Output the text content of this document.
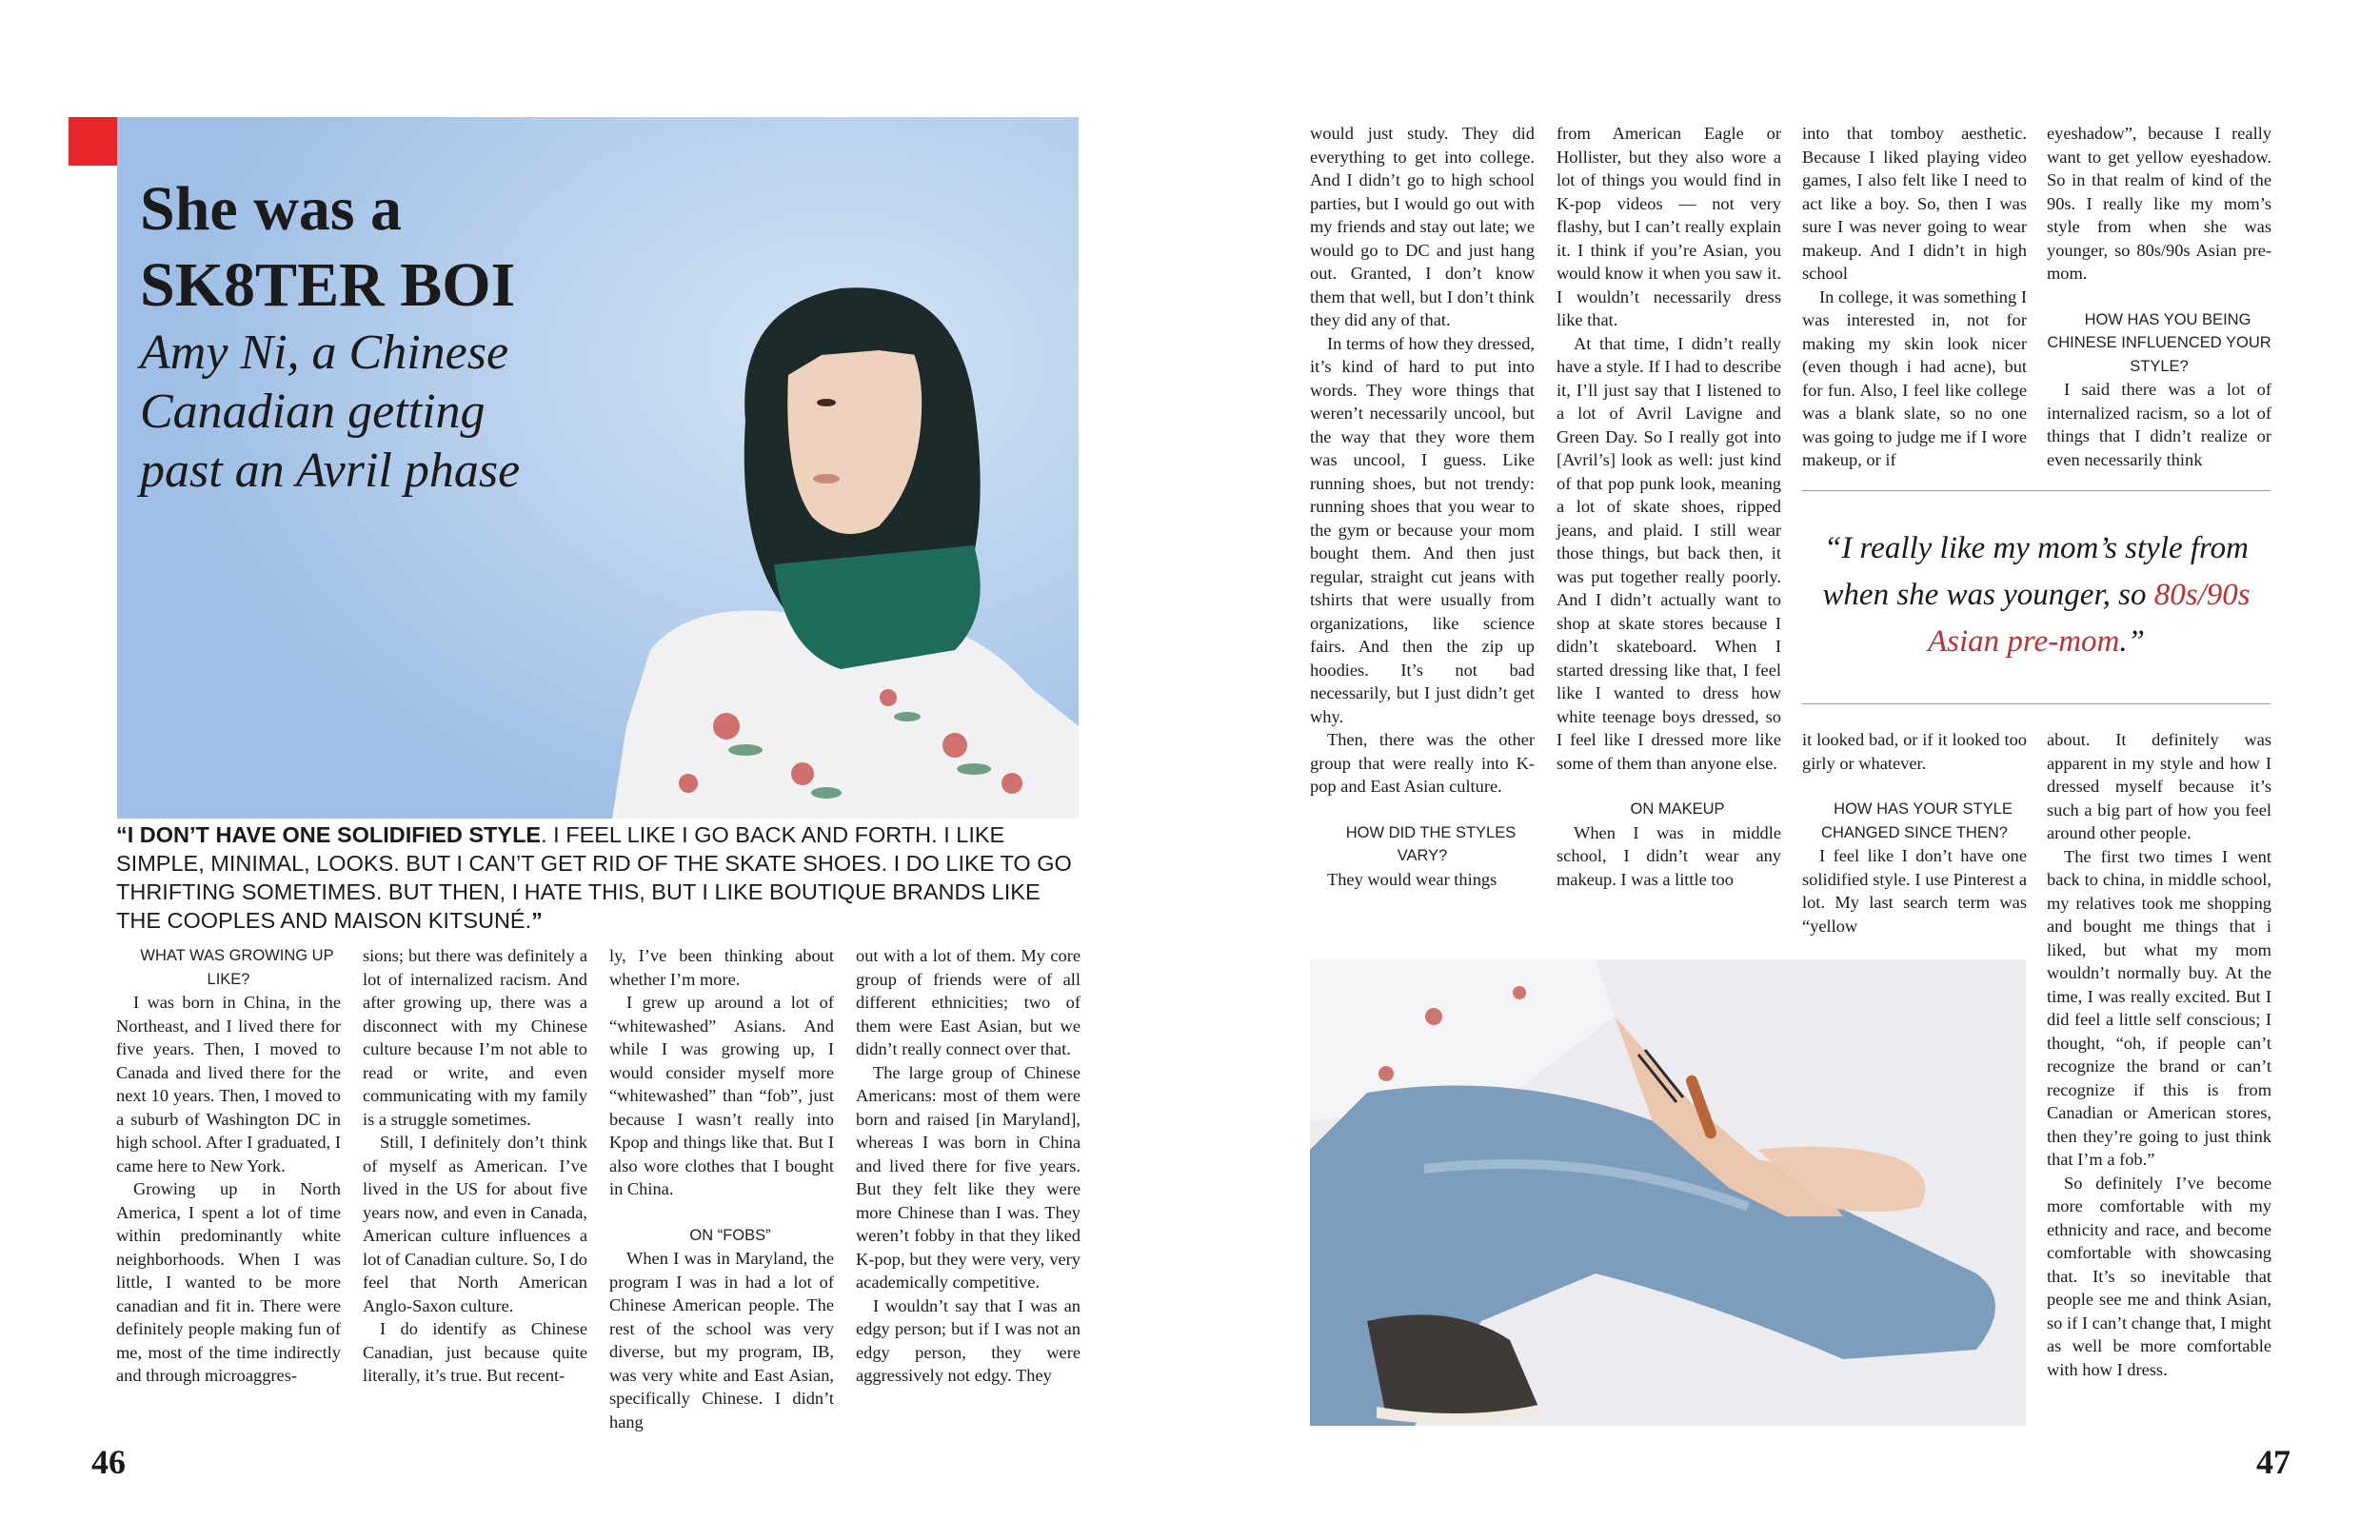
She was a
SK8TER BOI
Amy Ni, a Chinese
Canadian getting
past an Avril phase
“I DON’T HAVE ONE SOLIDIFIED STYLE. I FEEL LIKE I GO BACK AND FORTH. I LIKE SIMPLE, MINIMAL, LOOKS. BUT I CAN’T GET RID OF THE SKATE SHOES. I DO LIKE TO GO THRIFTING SOMETIMES. BUT THEN, I HATE THIS, BUT I LIKE BOUTIQUE BRANDS LIKE THE COOPLES AND MAISON KITSUNÉ.”

WHAT WAS GROWING UP LIKE?

I was born in China, in the Northeast, and I lived there for five years. Then, I moved to Canada and lived there for the next 10 years. Then, I moved to a suburb of Washington DC in high school. After I graduated, I came here to New York.

Growing up in North America, I spent a lot of time within predominantly white neighborhoods. When I was little, I wanted to be more canadian and fit in. There were definitely people making fun of me, most of the time indirectly and through microaggres-

sions; but there was definitely a lot of internalized racism. And after growing up, there was a disconnect with my Chinese culture because I’m not able to read or write, and even communicating with my family is a struggle sometimes.

Still, I definitely don’t think of myself as American. I’ve lived in the US for about five years now, and even in Canada, American culture influences a lot of Canadian culture. So, I do feel that North American Anglo-Saxon culture.

I do identify as Chinese Canadian, just because quite literally, it’s true. But recent-

ly, I’ve been thinking about whether I’m more.

I grew up around a lot of “whitewashed” Asians. And while I was growing up, I would consider myself more “whitewashed” than “fob”, just because I wasn’t really into Kpop and things like that. But I also wore clothes that I bought in China.

ON “FOBS”

When I was in Maryland, the program I was in had a lot of Chinese American people. The rest of the school was very diverse, but my program, IB, was very white and East Asian, specifically Chinese. I didn’t hang

out with a lot of them. My core group of friends were of all different ethnicities; two of them were East Asian, but we didn’t really connect over that.

The large group of Chinese Americans: most of them were born and raised [in Maryland], whereas I was born in China and lived there for five years. But they felt like they were more Chinese than I was. They weren’t fobby in that they liked K-pop, but they were very, very academically competitive.

I wouldn’t say that I was an edgy person; but if I was not an edgy person, they were aggressively not edgy. They

46

would just study. They did everything to get into college. And I didn’t go to high school parties, but I would go out with my friends and stay out late; we would go to DC and just hang out. Granted, I don’t know them that well, but I don’t think they did any of that.

In terms of how they dressed, it’s kind of hard to put into words. They wore things that weren’t necessarily uncool, but the way that they wore them was uncool, I guess. Like running shoes, but not trendy: running shoes that you wear to the gym or because your mom bought them. And then just regular, straight cut jeans with tshirts that were usually from organizations, like science fairs. And then the zip up hoodies. It’s not bad necessarily, but I just didn’t get why.

Then, there was the other group that were really into K-pop and East Asian culture.

HOW DID THE STYLES VARY?

They would wear things

from American Eagle or Hollister, but they also wore a lot of things you would find in K-pop videos — not very flashy, but I can’t really explain it. I think if you’re Asian, you would know it when you saw it. I wouldn’t necessarily dress like that.

At that time, I didn’t really have a style. If I had to describe it, I’ll just say that I listened to a lot of Avril Lavigne and Green Day. So I really got into [Avril’s] look as well: just kind of that pop punk look, meaning a lot of skate shoes, ripped jeans, and plaid. I still wear those things, but back then, it was put together really poorly. And I didn’t actually want to shop at skate stores because I didn’t skateboard. When I started dressing like that, I feel like I wanted to dress how white teenage boys dressed, so I feel like I dressed more like some of them than anyone else.

ON MAKEUP

When I was in middle school, I didn’t wear any makeup. I was a little too

into that tomboy aesthetic. Because I liked playing video games, I also felt like I need to act like a boy. So, then I was sure I was never going to wear makeup. And I didn’t in high school

In college, it was something I was interested in, not for making my skin look nicer (even though i had acne), but for fun. Also, I feel like college was a blank slate, so no one was going to judge me if I wore makeup, or if

eyeshadow”, because I really want to get yellow eyeshadow. So in that realm of kind of the 90s. I really like my mom’s style from when she was younger, so 80s/90s Asian pre-mom.

HOW HAS YOU BEING CHINESE INFLUENCED YOUR STYLE?

I said there was a lot of internalized racism, so a lot of things that I didn’t realize or even necessarily think

“I really like my mom’s style from when she was younger, so 80s/90s Asian pre-mom.”

it looked bad, or if it looked too girly or whatever.

HOW HAS YOUR STYLE CHANGED SINCE THEN?

I feel like I don’t have one solidified style. I use Pinterest a lot. My last search term was “yellow

about. It definitely was apparent in my style and how I dressed myself because it’s such a big part of how you feel around other people.

The first two times I went back to china, in middle school, my relatives took me shopping and bought me things that i liked, but what my mom wouldn’t normally buy. At the time, I was really excited. But I did feel a little self conscious; I thought, “oh, if people can’t recognize the brand or can’t recognize if this is from Canadian or American stores, then they’re going to just think that I’m a fob.”

So definitely I’ve become more comfortable with my ethnicity and race, and become comfortable with showcasing that. It’s so inevitable that people see me and think Asian, so if I can’t change that, I might as well be more comfortable with how I dress.

47
